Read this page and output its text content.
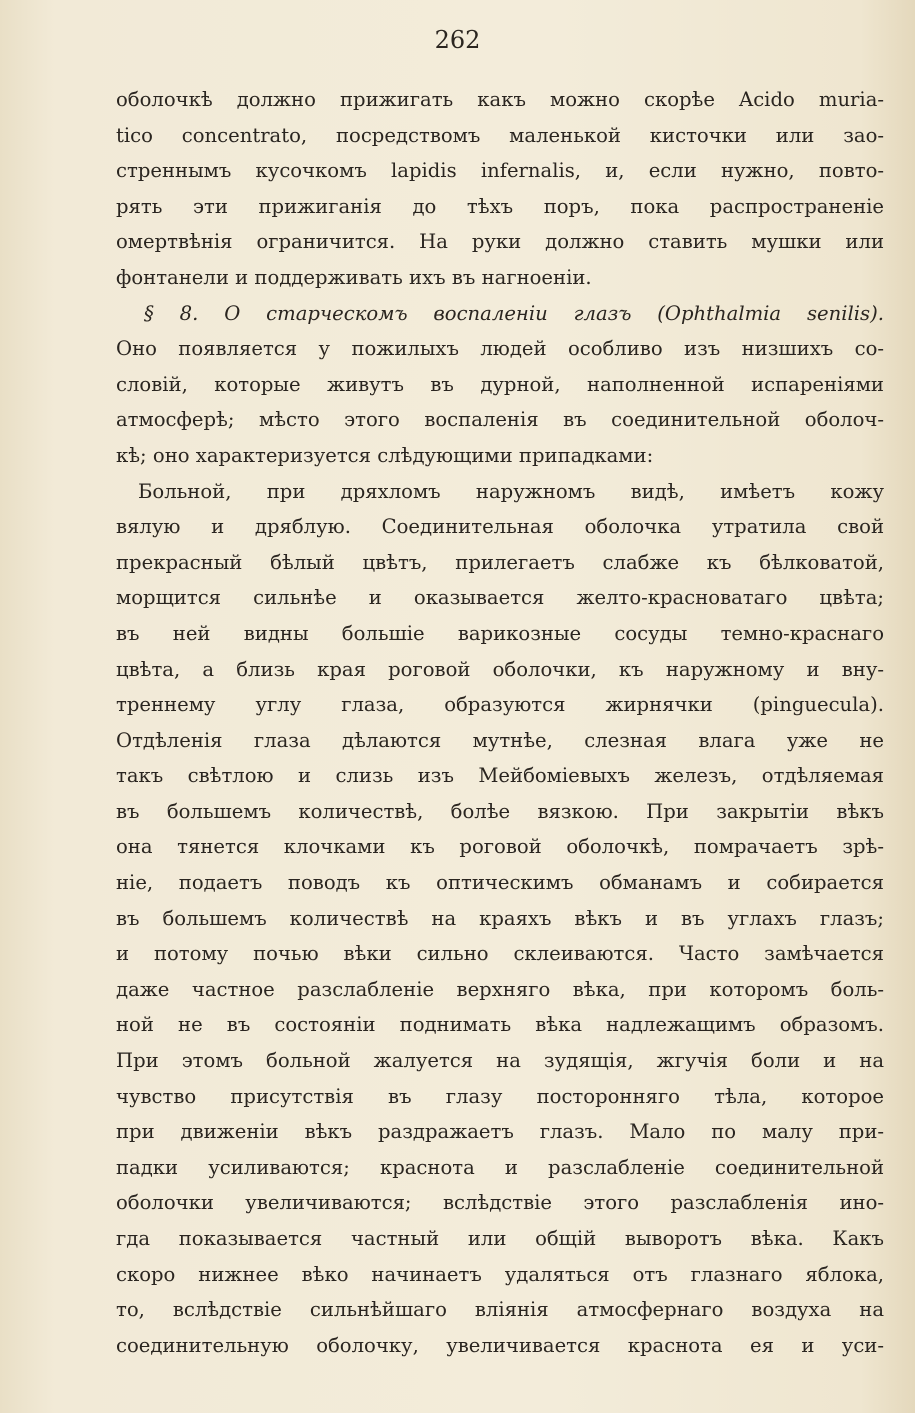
262
оболочкѣ должно прижигать какъ можно скорѣе Acido muria-
tico concentrato, посредствомъ маленькой кисточки или зао-
стреннымъ кусочкомъ lapidis infernalis, и, если нужно, повто-
рять эти прижиганія до тѣхъ поръ, пока распространеніе
омертвѣнія ограничится. На руки должно ставить мушки или
фонтанели и поддерживать ихъ въ нагноеніи.
§ 8. О старческомъ воспаленіи глазъ (Ophthalmia senilis).
Оно появляется у пожилыхъ людей особливо изъ низшихъ со-
словій, которые живутъ въ дурной, наполненной испареніями
атмосферѣ; мѣсто этого воспаленія въ соединительной оболоч-
кѣ; оно характеризуется слѣдующими припадками:
Больной, при дряхломъ наружномъ видѣ, имѣетъ кожу
вялую и дряблую. Соединительная оболочка утратила свой
прекрасный бѣлый цвѣтъ, прилегаетъ слабже къ бѣлковатой,
морщится сильнѣе и оказывается желто-красноватаго цвѣта;
въ ней видны большіе варикозные сосуды темно-краснаго
цвѣта, а близь края роговой оболочки, къ наружному и вну-
треннему углу глаза, образуются жирнячки (pinguecula).
Отдѣленія глаза дѣлаются мутнѣе, слезная влага уже не
такъ свѣтлою и слизь изъ Мейбоміевыхъ железъ, отдѣляемая
въ большемъ количествѣ, болѣе вязкою. При закрытіи вѣкъ
она тянется клочками къ роговой оболочкѣ, помрачаетъ зрѣ-
ніе, подаетъ поводъ къ оптическимъ обманамъ и собирается
въ большемъ количествѣ на краяхъ вѣкъ и въ углахъ глазъ;
и потому почью вѣки сильно склеиваются. Часто замѣчается
даже частное разслабленіе верхняго вѣка, при которомъ боль-
ной не въ состояніи поднимать вѣка надлежащимъ образомъ.
При этомъ больной жалуется на зудящія, жгучія боли и на
чувство присутствія въ глазу посторонняго тѣла, которое
при движеніи вѣкъ раздражаетъ глазъ. Мало по малу при-
падки усиливаются; краснота и разслабленіе соединительной
оболочки увеличиваются; вслѣдствіе этого разслабленія ино-
гда показывается частный или общій выворотъ вѣка. Какъ
скоро нижнее вѣко начинаетъ удаляться отъ глазнаго яблока,
то, вслѣдствіе сильнѣйшаго вліянія атмосфернаго воздуха на
соединительную оболочку, увеличивается краснота ея и уси-
